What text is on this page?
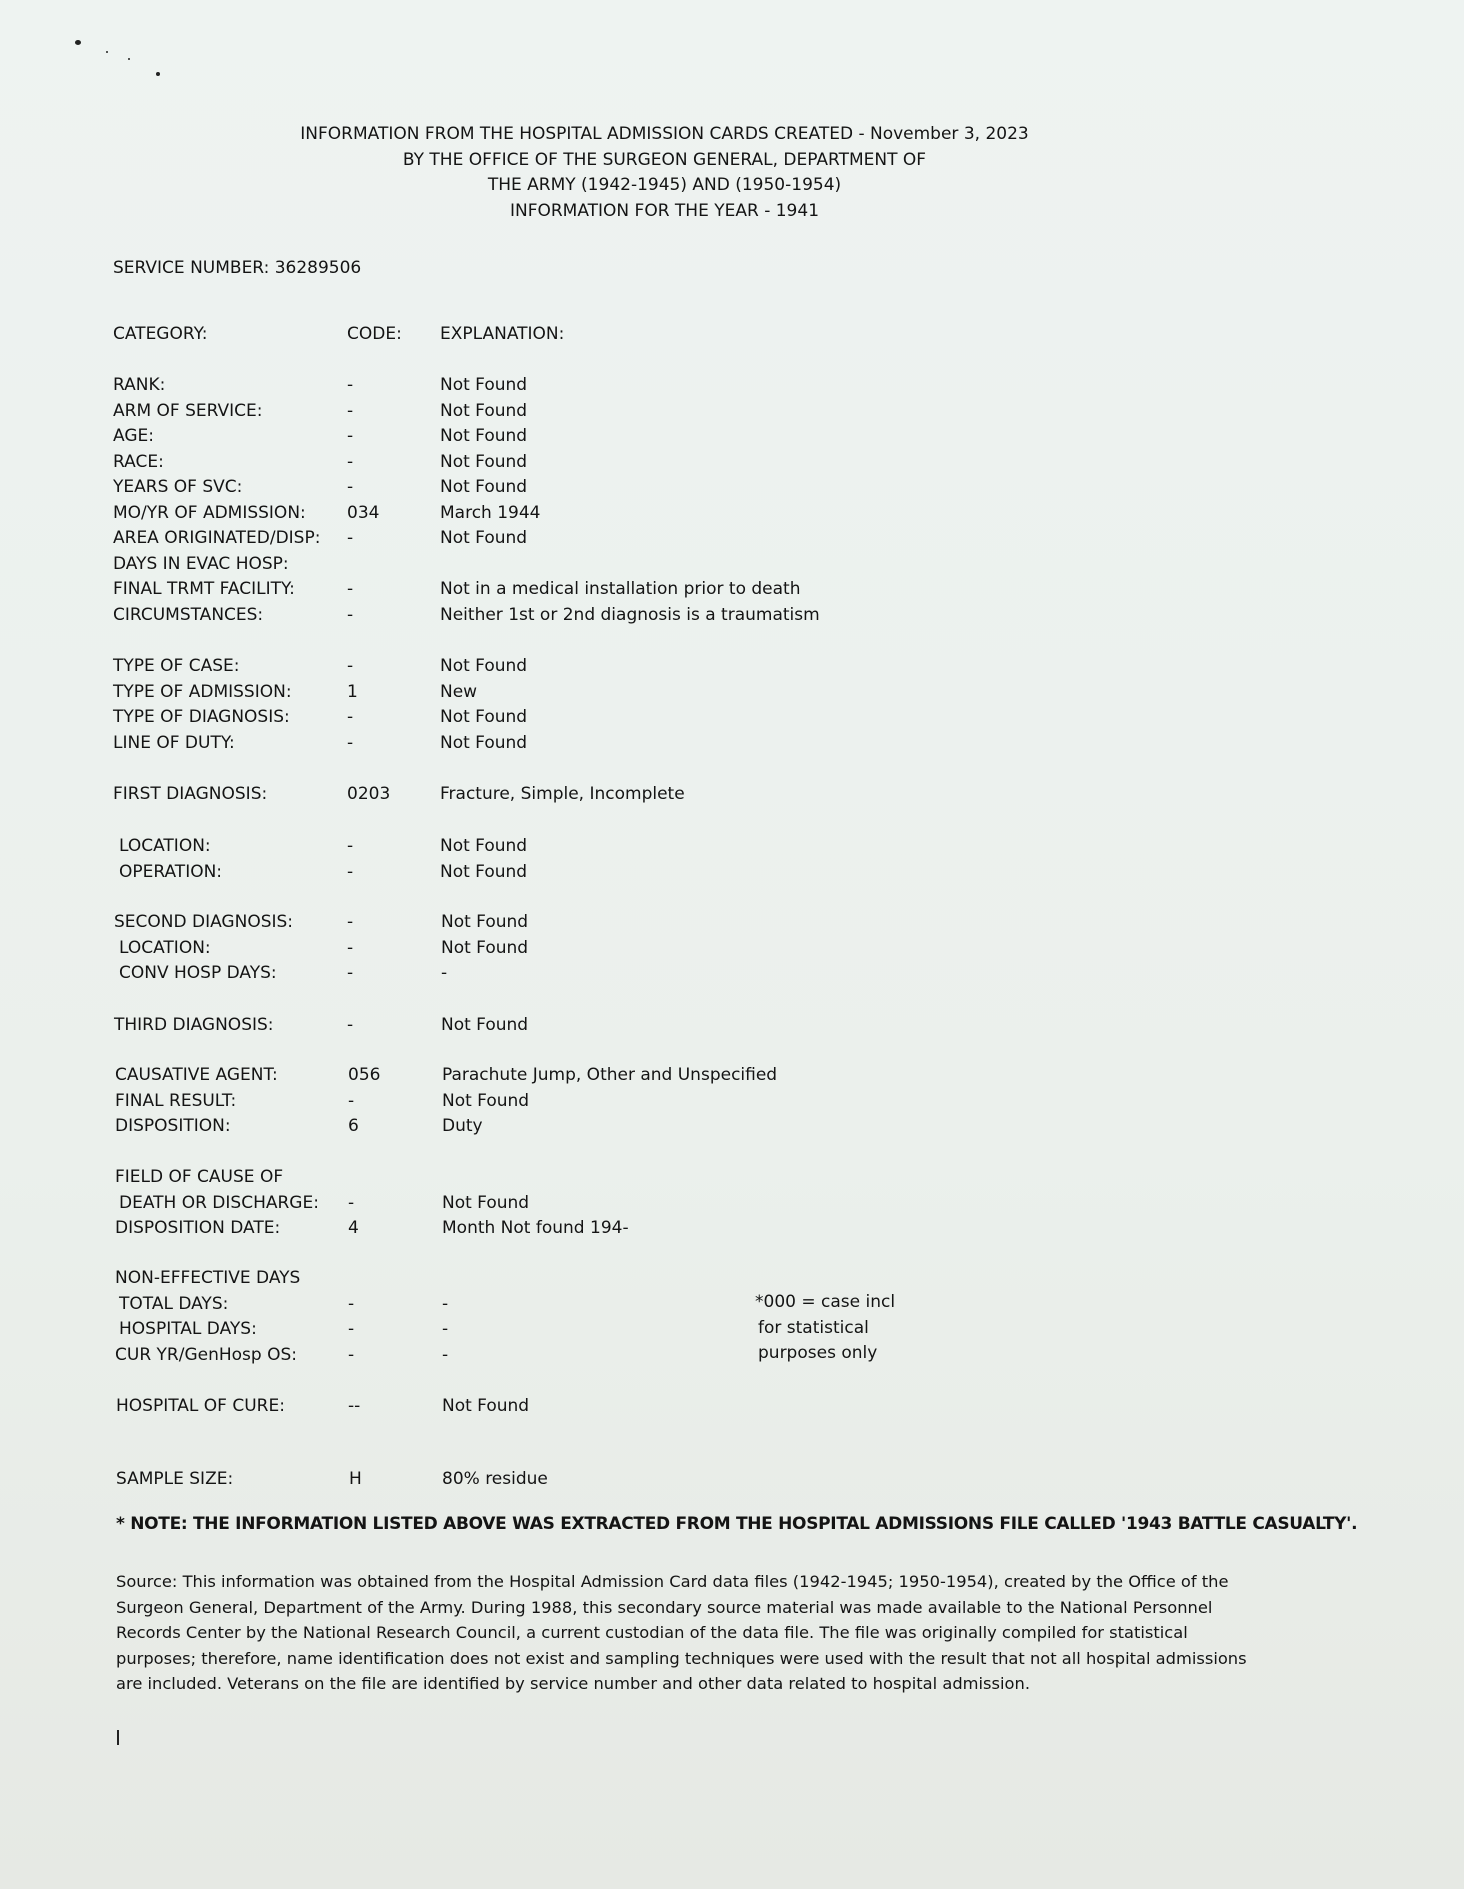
INFORMATION FROM THE HOSPITAL ADMISSION CARDS CREATED - November 3, 2023
BY THE OFFICE OF THE SURGEON GENERAL, DEPARTMENT OF
THE ARMY (1942-1945) AND (1950-1954)
INFORMATION FOR THE YEAR - 1941
SERVICE NUMBER: 36289506
CATEGORY:	CODE: EXPLANATION:
RANK:	-	Not Found
ARM OF SERVICE:	-	Not Found
AGE:	-	Not Found
RACE:	-	Not Found
YEARS OF SVC:	-	Not Found
MO/YR OF ADMISSION: 034	March 1944
AREA ORIGINATED/DISP: -	Not Found
DAYS IN EVAC HOSP:
FINAL TRMT FACILITY:	-	Not in a medical installation prior to death
CIRCUMSTANCES:	-	Neither 1st or 2nd diagnosis is a traumatism
TYPE OF CASE:	-	Not Found
TYPE OF ADMISSION:	1	New
TYPE OF DIAGNOSIS:	-	Not Found
LINE OF DUTY:	-	Not Found
FIRST DIAGNOSIS:	0203	Fracture, Simple, Incomplete
LOCATION:	-	Not Found
OPERATION:	-	Not Found
SECOND DIAGNOSIS:	-	Not Found
LOCATION:	-	Not Found
CONV HOSP DAYS:	-	-
THIRD DIAGNOSIS:	-	Not Found
CAUSATIVE AGENT:	056	Parachute Jump, Other and Unspecified
FINAL RESULT:	-	Not Found
DISPOSITION:	6	Duty
FIELD OF CAUSE OF
DEATH OR DISCHARGE: -	Not Found
DISPOSITION DATE:	4	Month Not found 194-
NON-EFFECTIVE DAYS
TOTAL DAYS:	-	-
HOSPITAL DAYS:	-	-
CUR YR/GenHosp OS:	-	-
HOSPITAL OF CURE:	--	Not Found
SAMPLE SIZE:	H	80% residue
*000 = case incl
for statistical
purposes only
* NOTE: THE INFORMATION LISTED ABOVE WAS EXTRACTED FROM THE HOSPITAL ADMISSIONS FILE CALLED '1943 BATTLE CASUALTY'.
Source: This information was obtained from the Hospital Admission Card data files (1942-1945; 1950-1954), created by the Office of the
Surgeon General, Department of the Army. During 1988, this secondary source material was made available to the National Personnel
Records Center by the National Research Council, a current custodian of the data file. The file was originally compiled for statistical
purposes; therefore, name identification does not exist and sampling techniques were used with the result that not all hospital admissions
are included. Veterans on the file are identified by service number and other data related to hospital admission.
